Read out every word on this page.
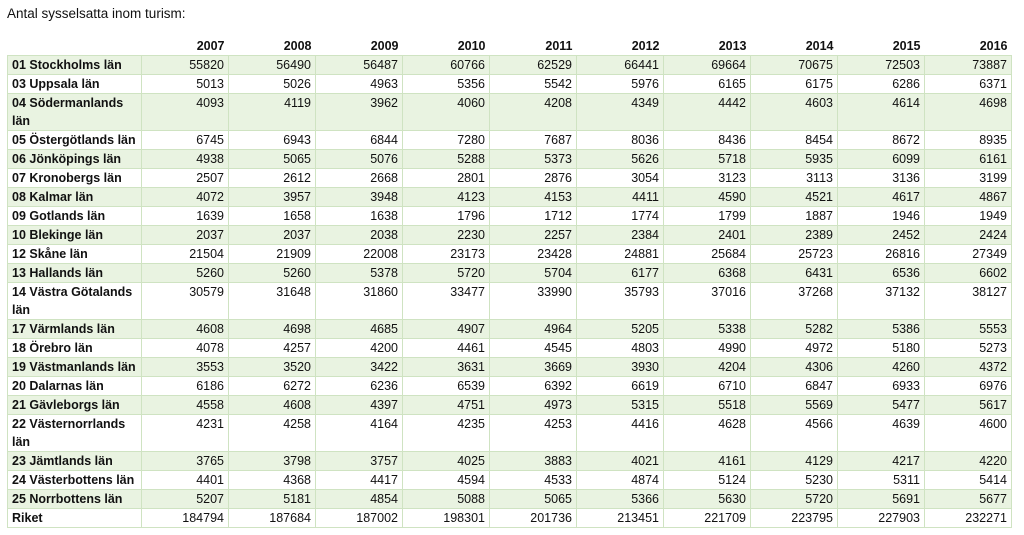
Antal sysselsatta inom turism:
	2007	2008	2009	2010	2011	2012	2013	2014	2015	2016
01 Stockholms län	55820	56490	56487	60766	62529	66441	69664	70675	72503	73887
03 Uppsala län	5013	5026	4963	5356	5542	5976	6165	6175	6286	6371
04 Södermanlands län	4093	4119	3962	4060	4208	4349	4442	4603	4614	4698
05 Östergötlands län	6745	6943	6844	7280	7687	8036	8436	8454	8672	8935
06 Jönköpings län	4938	5065	5076	5288	5373	5626	5718	5935	6099	6161
07 Kronobergs län	2507	2612	2668	2801	2876	3054	3123	3113	3136	3199
08 Kalmar län	4072	3957	3948	4123	4153	4411	4590	4521	4617	4867
09 Gotlands län	1639	1658	1638	1796	1712	1774	1799	1887	1946	1949
10 Blekinge län	2037	2037	2038	2230	2257	2384	2401	2389	2452	2424
12 Skåne län	21504	21909	22008	23173	23428	24881	25684	25723	26816	27349
13 Hallands län	5260	5260	5378	5720	5704	6177	6368	6431	6536	6602
14 Västra Götalands län	30579	31648	31860	33477	33990	35793	37016	37268	37132	38127
17 Värmlands län	4608	4698	4685	4907	4964	5205	5338	5282	5386	5553
18 Örebro län	4078	4257	4200	4461	4545	4803	4990	4972	5180	5273
19 Västmanlands län	3553	3520	3422	3631	3669	3930	4204	4306	4260	4372
20 Dalarnas län	6186	6272	6236	6539	6392	6619	6710	6847	6933	6976
21 Gävleborgs län	4558	4608	4397	4751	4973	5315	5518	5569	5477	5617
22 Västernorrlands län	4231	4258	4164	4235	4253	4416	4628	4566	4639	4600
23 Jämtlands län	3765	3798	3757	4025	3883	4021	4161	4129	4217	4220
24 Västerbottens län	4401	4368	4417	4594	4533	4874	5124	5230	5311	5414
25 Norrbottens län	5207	5181	4854	5088	5065	5366	5630	5720	5691	5677
Riket	184794	187684	187002	198301	201736	213451	221709	223795	227903	232271
